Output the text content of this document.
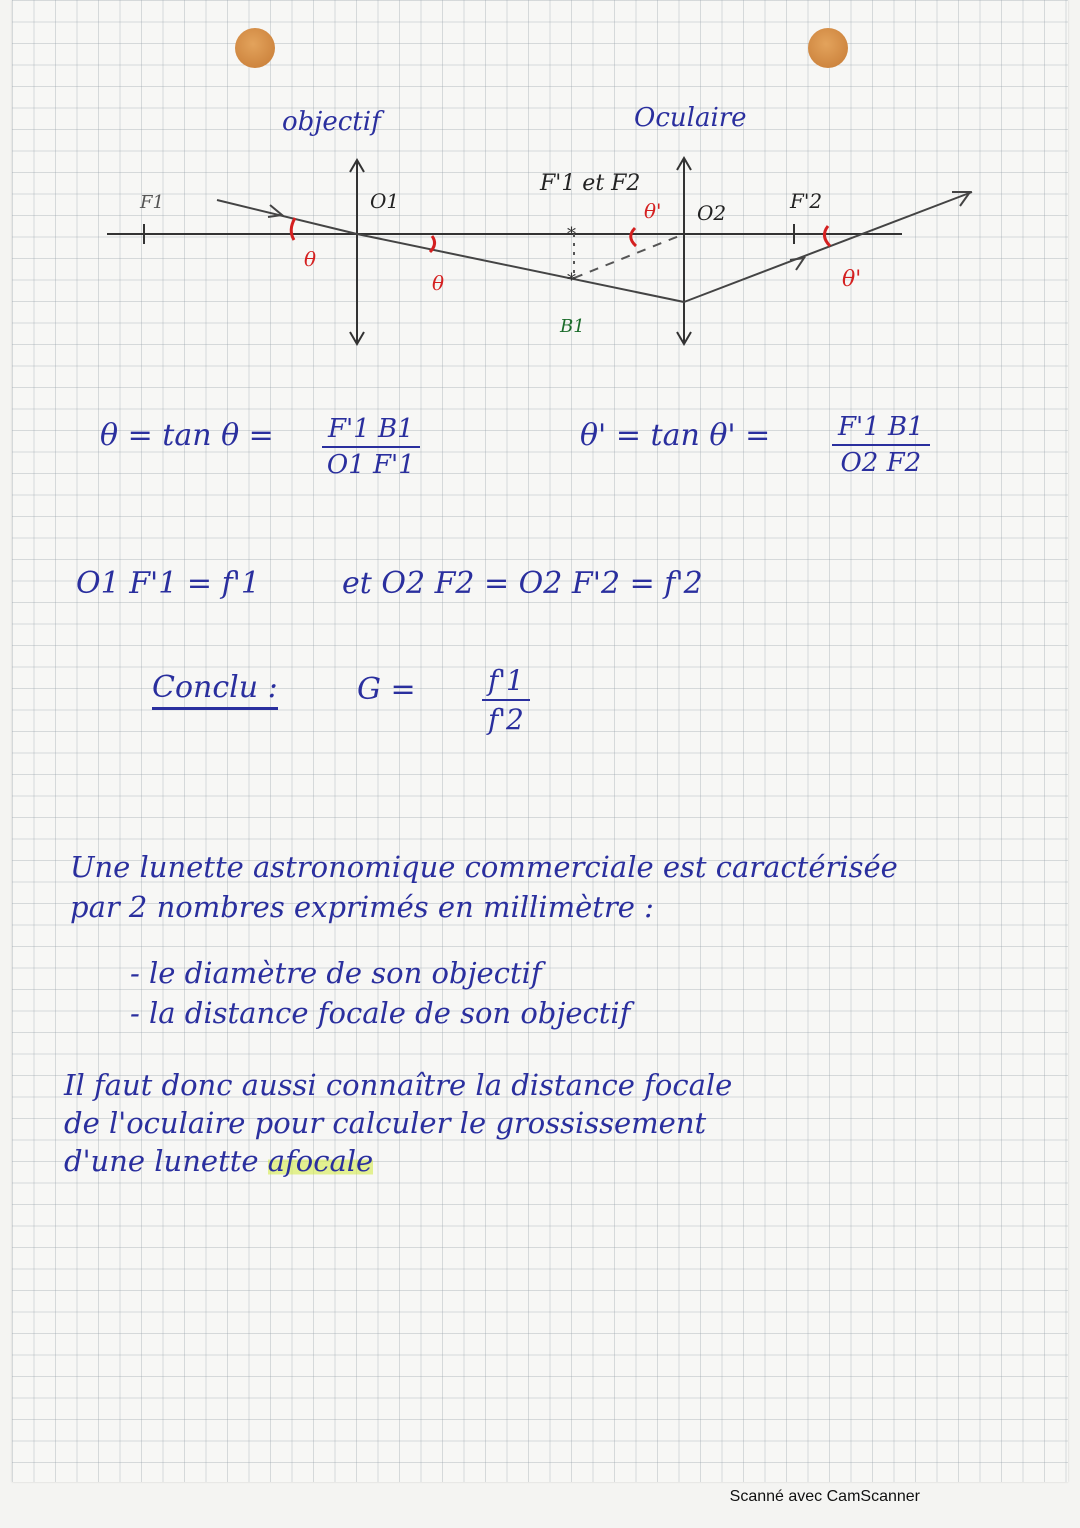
*
*
objectif	Oculaire
F1	O1
F'1 et F2
θ' O2	F'2
θ
θ
B1
θ'
$\theta = \tan \theta = \frac{F'1 B1}{O1 F'1}$	$\theta' = \tan \theta' = \frac{F'1 B1}{O2 F2}$
O1 F'1 = f'1	et O2 F2 = O2 F'2 = f'2
Conclu :	$G = \frac{f'1}{f'2}$
Une lunette astronomique commerciale est caractérisée
par 2 nombres exprimés en millimètre :
- le diamètre de son objectif
- la distance focale de son objectif
Il faut donc aussi connaître la distance focale
de l'oculaire pour calculer le grossissement
d'une lunette afocale
Scanné avec CamScanner
